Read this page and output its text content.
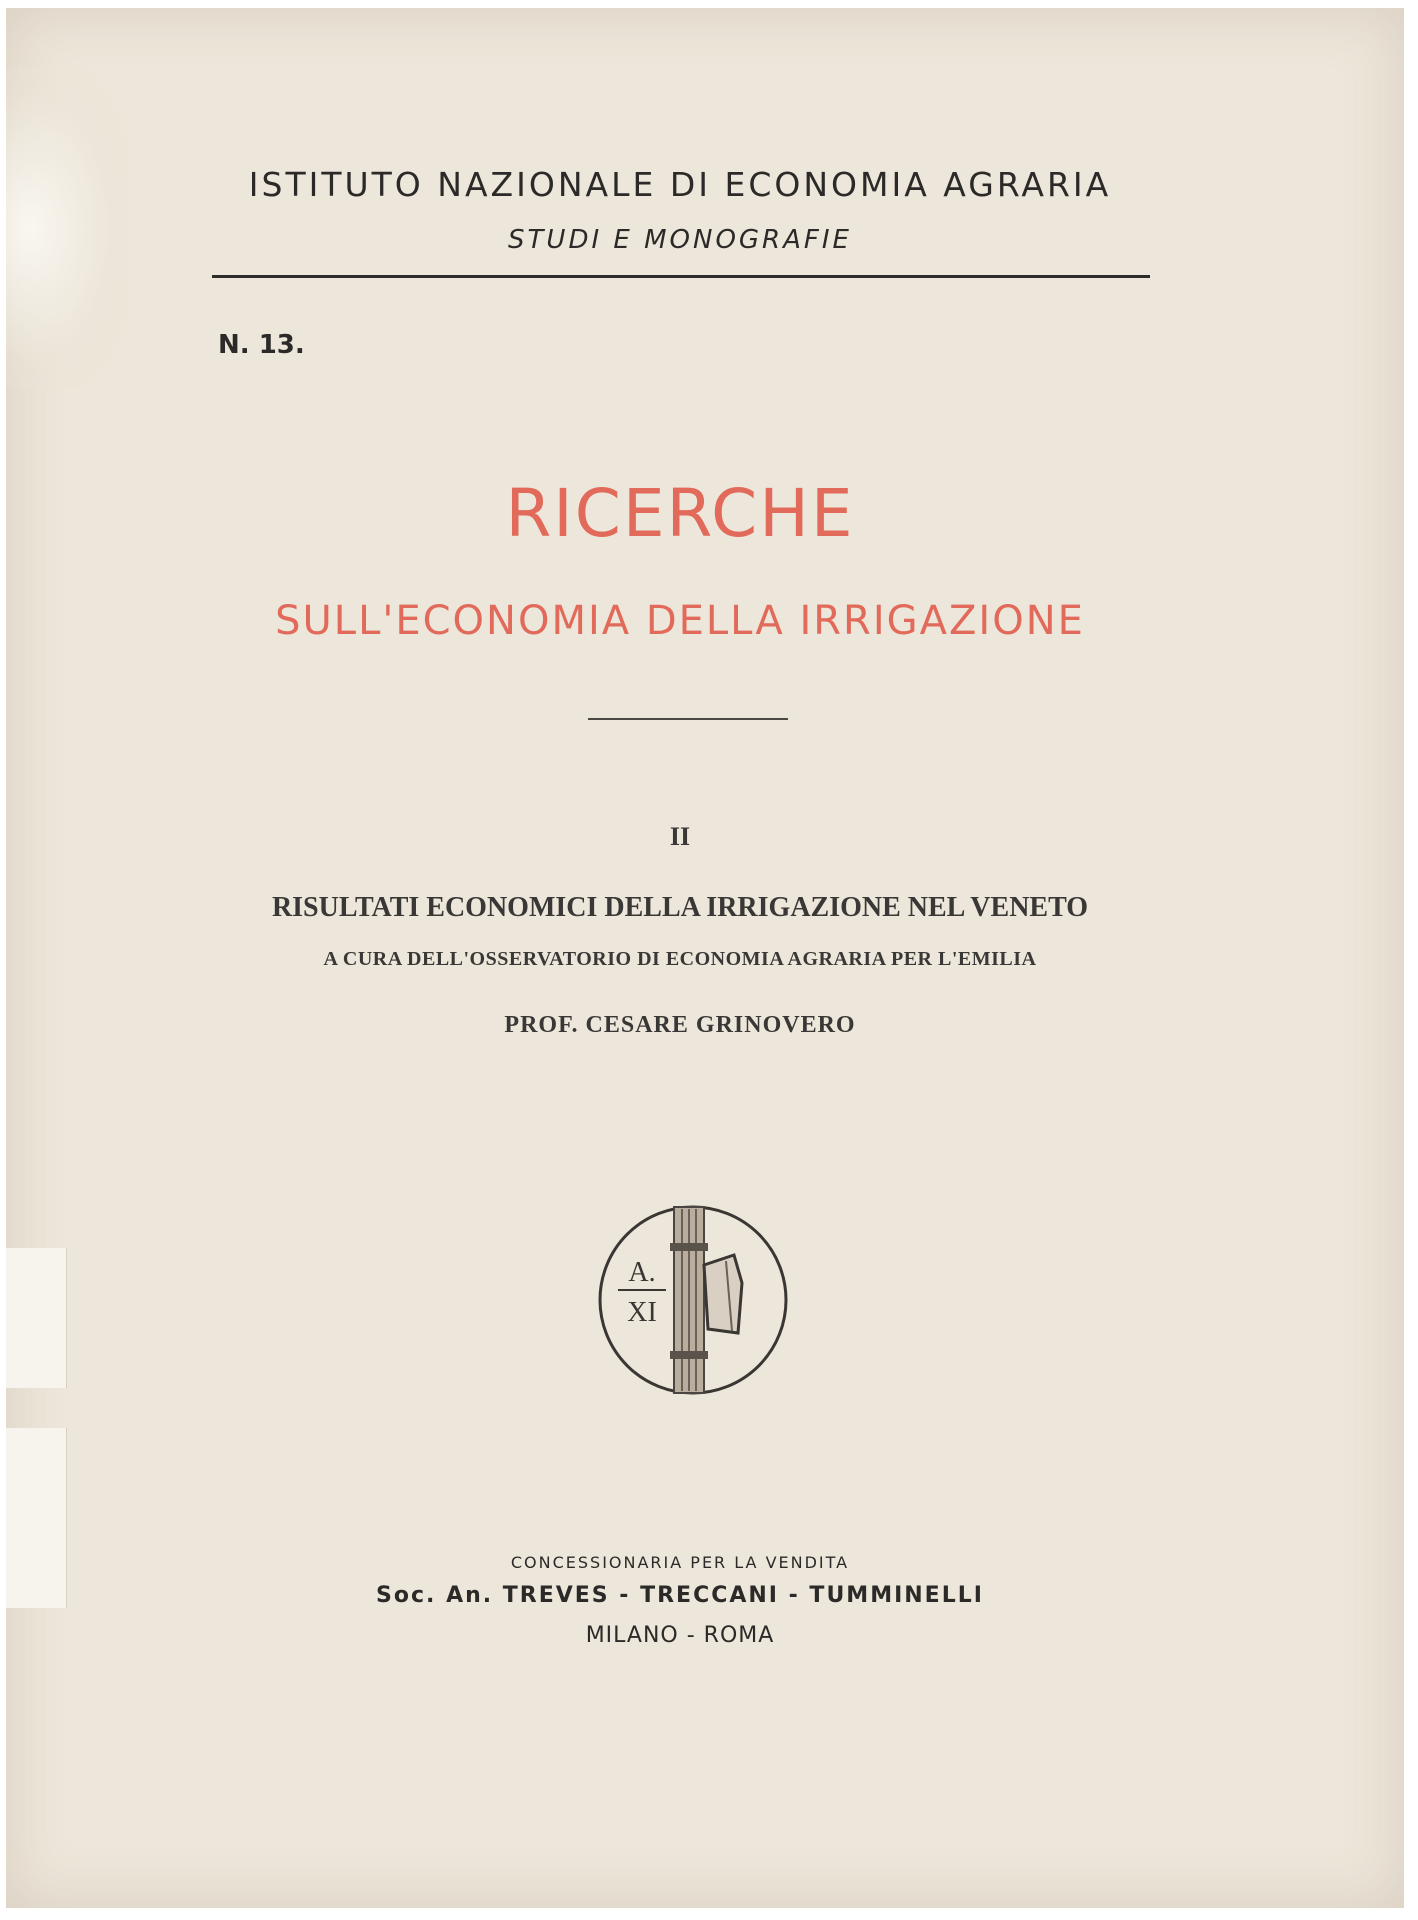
ISTITUTO NAZIONALE DI ECONOMIA AGRARIA
STUDI E MONOGRAFIE
N. 13.
RICERCHE
SULL'ECONOMIA DELLA IRRIGAZIONE
II
RISULTATI ECONOMICI DELLA IRRIGAZIONE NEL VENETO
A CURA DELL'OSSERVATORIO DI ECONOMIA AGRARIA PER L'EMILIA
PROF. CESARE GRINOVERO
A.
XI
CONCESSIONARIA PER LA VENDITA
Soc. An. TREVES - TRECCANI - TUMMINELLI
MILANO - ROMA
